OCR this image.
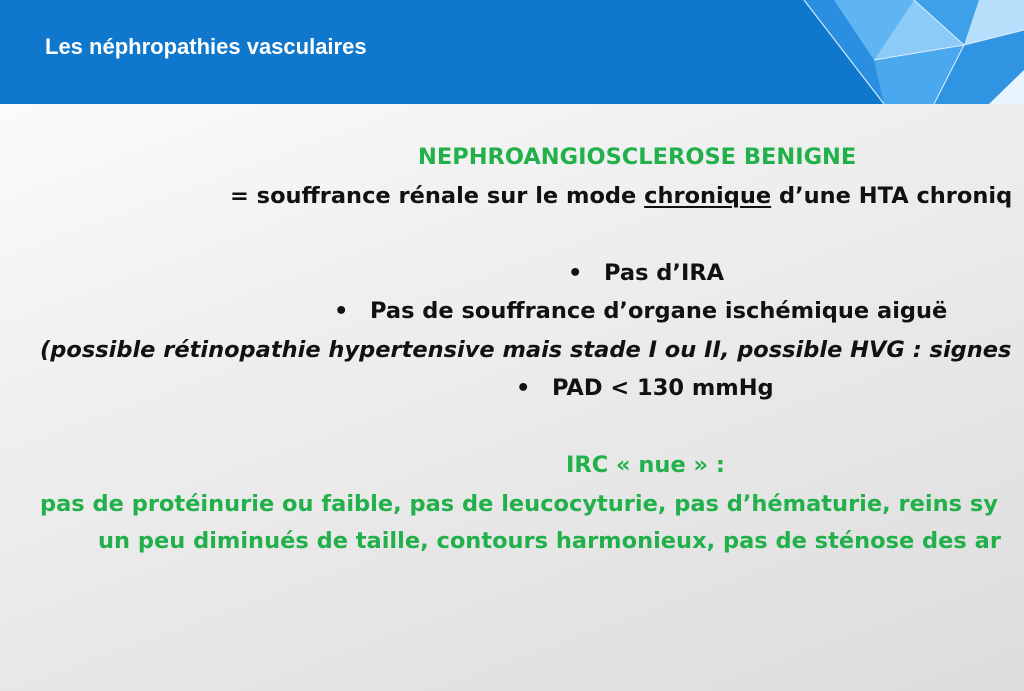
Les néphropathies vasculaires
NEPHROANGIOSCLEROSE BENIGNE
= souffrance rénale sur le mode chronique d’une HTA chroniq
• Pas d’IRA
• Pas de souffrance d’organe ischémique aiguë
(possible rétinopathie hypertensive mais stade I ou II, possible HVG : signes
• PAD < 130 mmHg
IRC « nue » :
pas de protéinurie ou faible, pas de leucocyturie, pas d’hématurie, reins sy
un peu diminués de taille, contours harmonieux, pas de sténose des ar
